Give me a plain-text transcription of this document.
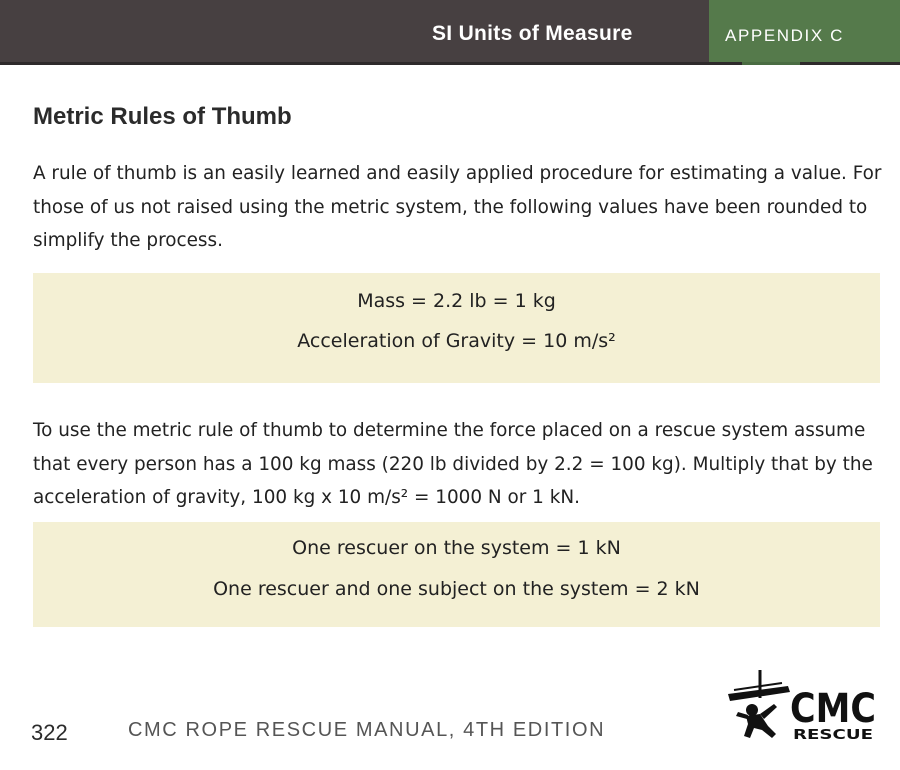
SI Units of Measure	APPENDIX C
Metric Rules of Thumb

A rule of thumb is an easily learned and easily applied procedure for estimating a value. For those of us not raised using the metric system, the following values have been rounded to simplify the process.

Mass = 2.2 lb = 1 kg
Acceleration of Gravity = 10 m/s²

To use the metric rule of thumb to determine the force placed on a rescue system assume that every person has a 100 kg mass (220 lb divided by 2.2 = 100 kg). Multiply that by the acceleration of gravity, 100 kg x 10 m/s² = 1000 N or 1 kN.

One rescuer on the system = 1 kN
One rescuer and one subject on the system = 2 kN
322	CMC ROPE RESCUE MANUAL, 4TH EDITION	CMC
RESCUE
